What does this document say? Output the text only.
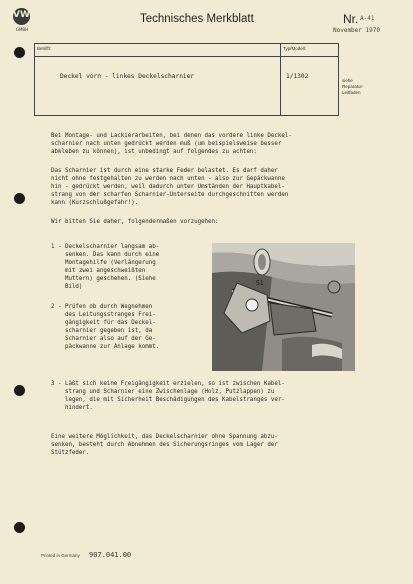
VW
GMBH
Technisches Merkblatt	Nr. A-41
November 1970
Betrifft:	Typ/Modell:
Deckel vorn - linkes Deckelscharnier	1/1302
siehe
Reparatur-
Leitfaden
Bei Montage- und Lackierarbeiten, bei denen das vordere linke Deckel-
scharnier nach unten gedrückt werden muß (um beispielsweise besser
abkleben zu können), ist unbedingt auf folgendes zu achten:
Das Scharnier ist durch eine starke Feder belastet. Es darf daher
nicht ohne festgehalten zu werden nach unten - also zur Gepäckwanne
hin - gedrückt werden, weil dadurch unter Umständen der Hauptkabel-
strang von der scharfen Scharnier-Unterseite durchgeschnitten werden
kann (Kurzschlußgefahr!).
Wir bitten Sie daher, folgendermaßen vorzugehen:
1 - Deckelscharnier langsam ab-
senken. Das kann durch eine
Montagehilfe (Verlängerung
mit zwei angeschweißten
Muttern) geschehen. (Siehe
Bild)
2 - Prüfen ob durch Wegnehmen
des Leitungsstranges Frei-
gängigkeit für das Deckel-
scharnier gegeben ist, da
Scharnier also auf der Ge-
päckwanne zur Anlage kommt.
51
3 - Läßt sich keine Freigängigkeit erzielen, so ist zwischen Kabel-
strang und Scharnier eine Zwischenlage (Holz, Putzlappen) zu
legen, die mit Sicherheit Beschädigungen des Kabelstranges ver-
hindert.
Eine weitere Möglichkeit, das Deckelscharnier ohne Spannung abzu-
senken, besteht durch Abnehmen des Sicherungsringes vom Lager der
Stützfeder.
Printed in Germany 907.041.00
